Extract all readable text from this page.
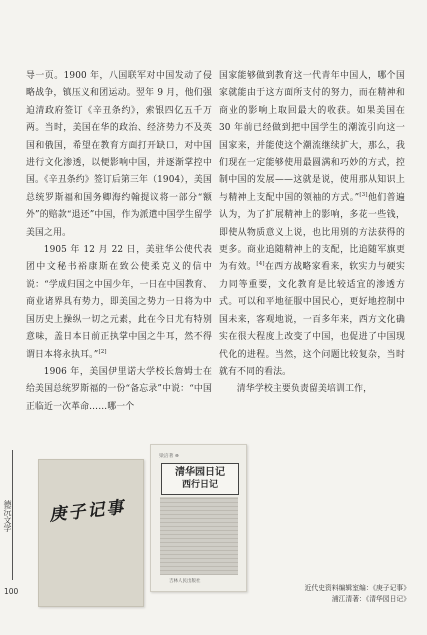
导一页。1900 年，八国联军对中国发动了侵略战争，镇压义和团运动。翌年 9 月，他们强迫清政府签订《辛丑条约》，索银四亿五千万两。当时，美国在华的政治、经济势力不及英国和俄国，希望在教育方面打开缺口，对中国进行文化渗透，以便影响中国，并逐渐掌控中国。《辛丑条约》签订后第三年（1904），美国总统罗斯福和国务卿海约翰提议将一部分“额外”的赔款“退还”中国，作为派遣中国学生留学美国之用。

1905 年 12 月 22 日，美驻华公使代表团中文秘书裕康斯在致公使柔克义的信中说：“学成归国之中国少年，一日在中国教育、商业诸界具有势力，即美国之势力一日将为中国历史上操纵一切之元素，此在今日尤有特别意味，盖日本日前正执掌中国之牛耳，然不得谓日本将永执耳。”[2]

1906 年，美国伊里诺大学校长詹姆士在给美国总统罗斯福的一份“备忘录”中说：“中国正临近一次革命……哪一个

国家能够做到教育这一代青年中国人，哪个国家就能由于这方面所支付的努力，而在精神和商业的影响上取回最大的收获。如果美国在 30 年前已经做到把中国学生的潮流引向这一国家来，并能使这个潮流继续扩大，那么，我们现在一定能够使用最圆满和巧妙的方式，控制中国的发展——这就是说，使用那从知识上与精神上支配中国的领袖的方式。”[3]他们普遍认为，为了扩展精神上的影响，多花一些钱，即使从物质意义上说，也比用别的方法获得的更多。商业追随精神上的支配，比追随军旗更为有效。[4]在西方战略家看来，软实力与硬实力同等重要，文化教育是比较适宜的渗透方式。可以和平地征服中国民心，更好地控制中国未来，客观地说，一百多年来，西方文化确实在很大程度上改变了中国，也促进了中国现代化的进程。当然，这个问题比较复杂，当时就有不同的看法。

清华学校主要负责留美培训工作，

德沅文学
100
庚子记事
梁涪著 ⊕
清华园日记
西行日记
吉林人民出版社
近代史资料编辑室编：《庚子记事》
浦江清著：《清华园日记》
